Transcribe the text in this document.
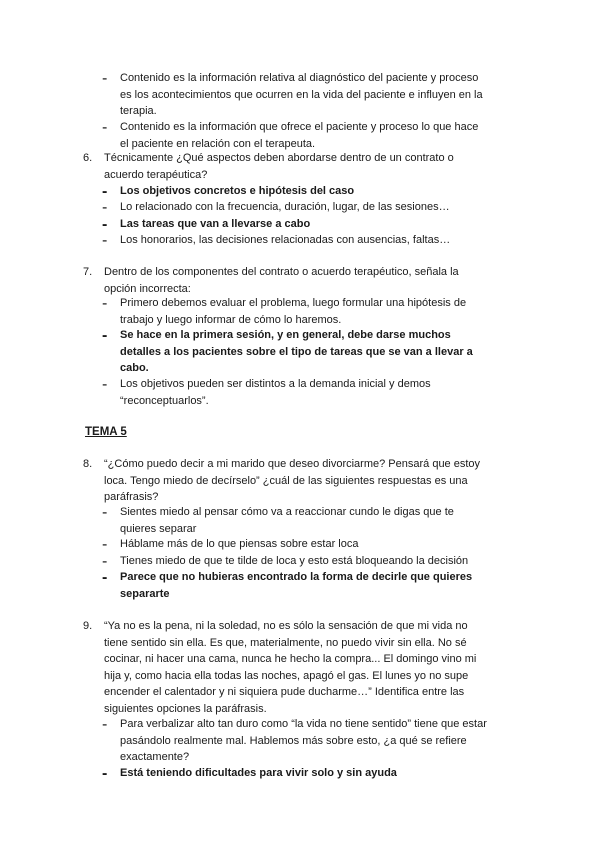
- Contenido es la información relativa al diagnóstico del paciente y proceso
es los acontecimientos que ocurren en la vida del paciente e influyen en la
terapia.
- Contenido es la información que ofrece el paciente y proceso lo que hace
el paciente en relación con el terapeuta.
6. Técnicamente ¿Qué aspectos deben abordarse dentro de un contrato o
acuerdo terapéutica?
- Los objetivos concretos e hipótesis del caso
- Lo relacionado con la frecuencia, duración, lugar, de las sesiones…
- Las tareas que van a llevarse a cabo
- Los honorarios, las decisiones relacionadas con ausencias, faltas…
7. Dentro de los componentes del contrato o acuerdo terapéutico, señala la
opción incorrecta:
- Primero debemos evaluar el problema, luego formular una hipótesis de
trabajo y luego informar de cómo lo haremos.
- Se hace en la primera sesión, y en general, debe darse muchos
detalles a los pacientes sobre el tipo de tareas que se van a llevar a
cabo.
- Los objetivos pueden ser distintos a la demanda inicial y demos
“reconceptuarlos”.
TEMA 5
8. “¿Cómo puedo decir a mi marido que deseo divorciarme? Pensará que estoy
loca. Tengo miedo de decírselo” ¿cuál de las siguientes respuestas es una
paráfrasis?
- Sientes miedo al pensar cómo va a reaccionar cundo le digas que te
quieres separar
- Háblame más de lo que piensas sobre estar loca
- Tienes miedo de que te tilde de loca y esto está bloqueando la decisión
- Parece que no hubieras encontrado la forma de decirle que quieres
separarte
9. “Ya no es la pena, ni la soledad, no es sólo la sensación de que mi vida no
tiene sentido sin ella. Es que, materialmente, no puedo vivir sin ella. No sé
cocinar, ni hacer una cama, nunca he hecho la compra... El domingo vino mi
hija y, como hacia ella todas las noches, apagó el gas. El lunes yo no supe
encender el calentador y ni siquiera pude ducharme…” Identifica entre las
siguientes opciones la paráfrasis.
- Para verbalizar alto tan duro como “la vida no tiene sentido” tiene que estar
pasándolo realmente mal. Hablemos más sobre esto, ¿a qué se refiere
exactamente?
- Está teniendo dificultades para vivir solo y sin ayuda
